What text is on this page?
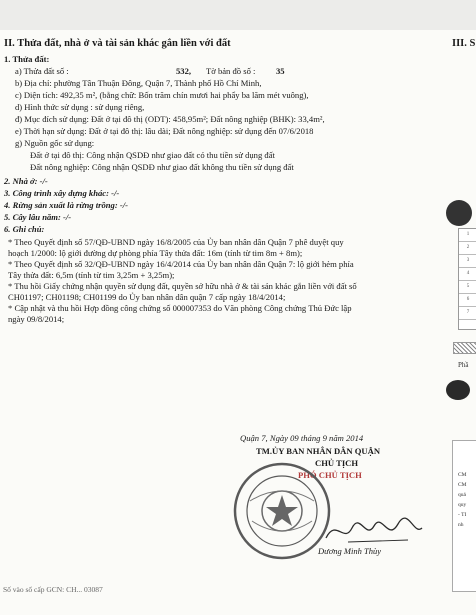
II. Thửa đất, nhà ở và tài sản khác gắn liền với đất	III. S
1. Thửa đất:
a) Thửa đất số :	532, Tờ bản đồ số : 35
b) Địa chỉ: phường Tân Thuận Đông, Quận 7, Thành phố Hồ Chí Minh,
c) Diện tích: 492,35 m², (bằng chữ: Bốn trăm chín mươi hai phẩy ba lăm mét vuông),
d) Hình thức sử dụng : sử dụng riêng,
đ) Mục đích sử dụng: Đất ở tại đô thị (ODT): 458,95m²; Đất nông nghiệp (BHK): 33,4m²,
e) Thời hạn sử dụng: Đất ở tại đô thị: lâu dài; Đất nông nghiệp: sử dụng đến 07/6/2018
g) Nguồn gốc sử dụng:
Đất ở tại đô thị: Công nhận QSDĐ như giao đất có thu tiền sử dụng đất
Đất nông nghiệp: Công nhận QSDĐ như giao đất không thu tiền sử dụng đất
2. Nhà ở: -/-
3. Công trình xây dựng khác: -/-
4. Rừng sản xuất là rừng trồng: -/-
5. Cây lâu năm: -/-
6. Ghi chú:
* Theo Quyết định số 57/QĐ-UBND ngày 16/8/2005 của Ủy ban nhân dân Quận 7 phê duyệt quy
hoạch 1/2000: lộ giới đường dự phòng phía Tây thửa đất: 16m (tính từ tim 8m + 8m);
* Theo Quyết định số 32/QĐ-UBND ngày 16/4/2014 của Ủy ban nhân dân Quận 7: lộ giới hẻm phía
Tây thửa đất: 6,5m (tính từ tim 3,25m + 3,25m);
* Thu hồi Giấy chứng nhận quyền sử dụng đất, quyền sở hữu nhà ở & tài sản khác gắn liền với đất số
CH01197; CH01198; CH01199 do Ủy ban nhân dân quận 7 cấp ngày 18/4/2014;
* Cập nhật và thu hồi Hợp đồng công chứng số 000007353 do Văn phòng Công chứng Thủ Đức lập
ngày 09/8/2014;
Quận 7, Ngày 09 tháng 9 năm 2014
TM.ỦY BAN NHÂN DÂN QUẬN
CHỦ TỊCH
PHÓ CHỦ TỊCH
Dương Minh Thùy
Số vào sổ cấp GCN: CH... 03087
1
2
3
4
5
6
7
Phầ
CM
CM
quả
quy
- TI
nh
